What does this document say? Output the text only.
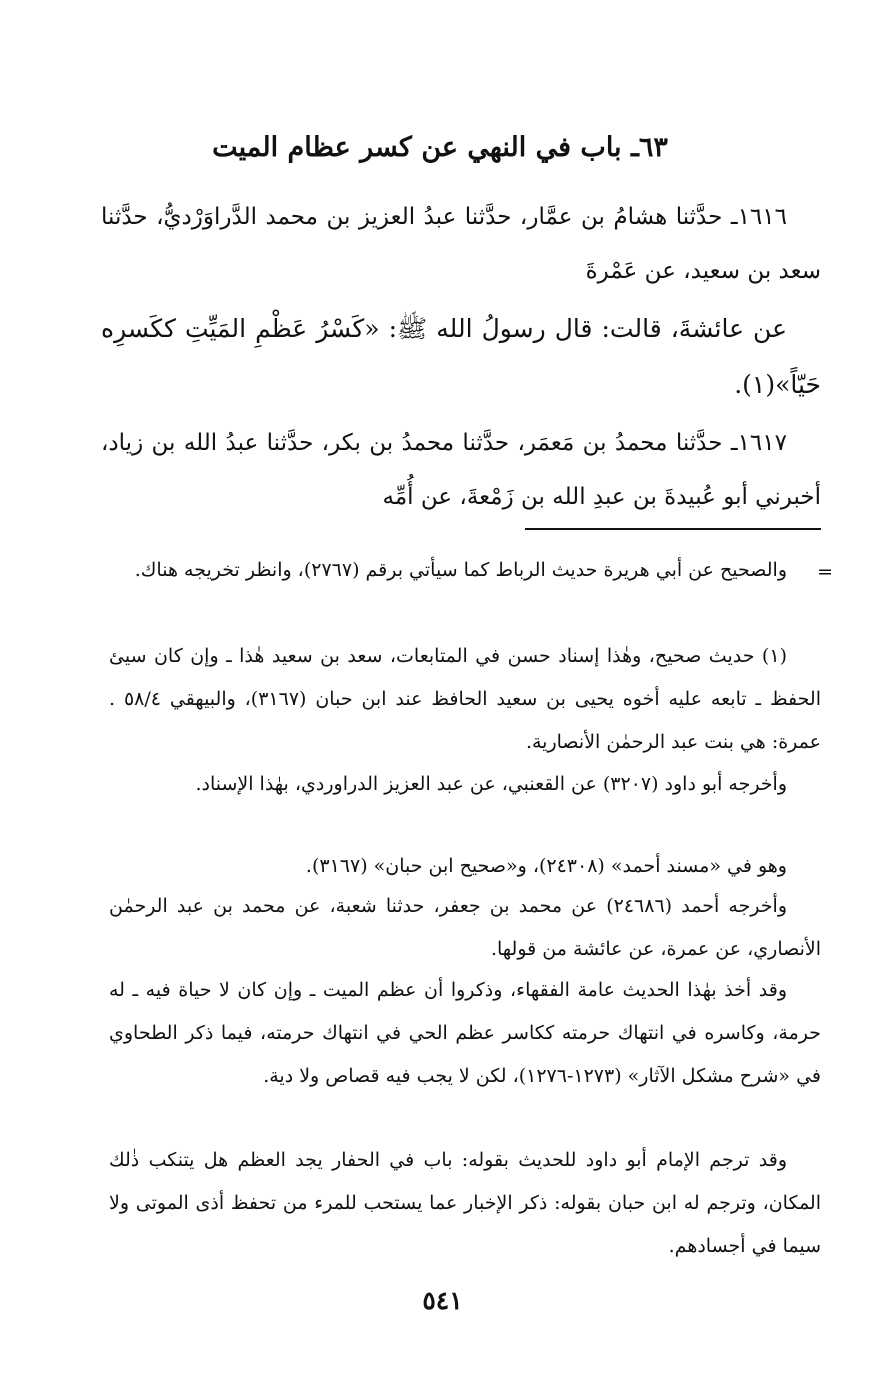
٦٣ـ باب في النهي عن كسر عظام الميت

١٦١٦ـ حدَّثنا هشامُ بن عمَّار، حدَّثنا عبدُ العزيز بن محمد الدَّراوَرْديُّ، حدَّثنا سعد بن سعيد، عن عَمْرةَ

عن عائشةَ، قالت: قال رسولُ الله ﷺ: «كَسْرُ عَظْمِ المَيِّتِ ككَسرِه حَيّاً»(١).

١٦١٧ـ حدَّثنا محمدُ بن مَعمَر، حدَّثنا محمدُ بن بكر، حدَّثنا عبدُ الله بن زياد، أخبرني أبو عُبيدةَ بن عبدِ الله بن زَمْعةَ، عن أُمِّه

=

والصحيح عن أبي هريرة حديث الرباط كما سيأتي برقم (٢٧٦٧)، وانظر تخريجه هناك.

(١) حديث صحيح، وهٰذا إسناد حسن في المتابعات، سعد بن سعيد هٰذا ـ وإن كان سيئ الحفظ ـ تابعه عليه أخوه يحيى بن سعيد الحافظ عند ابن حبان (٣١٦٧)، والبيهقي ٥٨/٤ . عمرة: هي بنت عبد الرحمٰن الأنصارية.

وأخرجه أبو داود (٣٢٠٧) عن القعنبي، عن عبد العزيز الدراوردي، بهٰذا الإسناد.

وهو في «مسند أحمد» (٢٤٣٠٨)، و«صحيح ابن حبان» (٣١٦٧).

وأخرجه أحمد (٢٤٦٨٦) عن محمد بن جعفر، حدثنا شعبة، عن محمد بن عبد الرحمٰن الأنصاري، عن عمرة، عن عائشة من قولها.

وقد أخذ بهٰذا الحديث عامة الفقهاء، وذكروا أن عظم الميت ـ وإن كان لا حياة فيه ـ له حرمة، وكاسره في انتهاك حرمته ككاسر عظم الحي في انتهاك حرمته، فيما ذكر الطحاوي في «شرح مشكل الآثار» (١٢٧٣-١٢٧٦)، لكن لا يجب فيه قصاص ولا دية.

وقد ترجم الإمام أبو داود للحديث بقوله: باب في الحفار يجد العظم هل يتنكب ذٰلك المكان، وترجم له ابن حبان بقوله: ذكر الإخبار عما يستحب للمرء من تحفظ أذى الموتى ولا سيما في أجسادهم.

٥٤١
